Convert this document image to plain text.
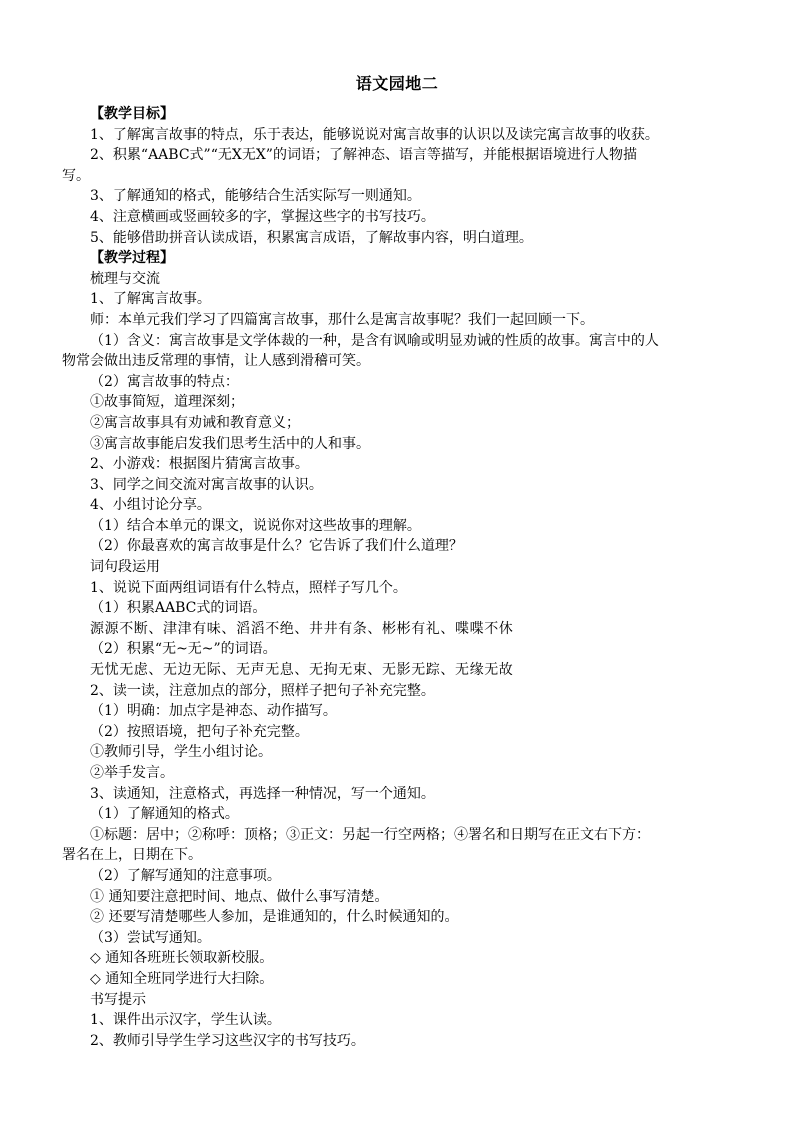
语文园地二
【教学目标】
1、了解寓言故事的特点，乐于表达，能够说说对寓言故事的认识以及读完寓言故事的收获。
2、积累“AABC式”“无X无X”的词语；了解神态、语言等描写，并能根据语境进行人物描
写。
3、了解通知的格式，能够结合生活实际写一则通知。
4、注意横画或竖画较多的字，掌握这些字的书写技巧。
5、能够借助拼音认读成语，积累寓言成语，了解故事内容，明白道理。
【教学过程】
梳理与交流
1、了解寓言故事。
师：本单元我们学习了四篇寓言故事，那什么是寓言故事呢？我们一起回顾一下。
（1）含义：寓言故事是文学体裁的一种，是含有讽喻或明显劝诫的性质的故事。寓言中的人
物常会做出违反常理的事情，让人感到滑稽可笑。
（2）寓言故事的特点：
①故事简短，道理深刻；
②寓言故事具有劝诫和教育意义；
③寓言故事能启发我们思考生活中的人和事。
2、小游戏：根据图片猜寓言故事。
3、同学之间交流对寓言故事的认识。
4、小组讨论分享。
（1）结合本单元的课文，说说你对这些故事的理解。
（2）你最喜欢的寓言故事是什么？它告诉了我们什么道理？
词句段运用
1、说说下面两组词语有什么特点，照样子写几个。
（1）积累AABC式的词语。
源源不断、津津有味、滔滔不绝、井井有条、彬彬有礼、喋喋不休
（2）积累“无~无~”的词语。
无忧无虑、无边无际、无声无息、无拘无束、无影无踪、无缘无故
2、读一读，注意加点的部分，照样子把句子补充完整。
（1）明确：加点字是神态、动作描写。
（2）按照语境，把句子补充完整。
①教师引导，学生小组讨论。
②举手发言。
3、读通知，注意格式，再选择一种情况，写一个通知。
（1）了解通知的格式。
①标题：居中；②称呼：顶格；③正文：另起一行空两格；④署名和日期写在正文右下方：
署名在上，日期在下。
（2）了解写通知的注意事项。
① 通知要注意把时间、地点、做什么事写清楚。
② 还要写清楚哪些人参加，是谁通知的，什么时候通知的。
（3）尝试写通知。
◇ 通知各班班长领取新校服。
◇ 通知全班同学进行大扫除。
书写提示
1、课件出示汉字，学生认读。
2、教师引导学生学习这些汉字的书写技巧。
